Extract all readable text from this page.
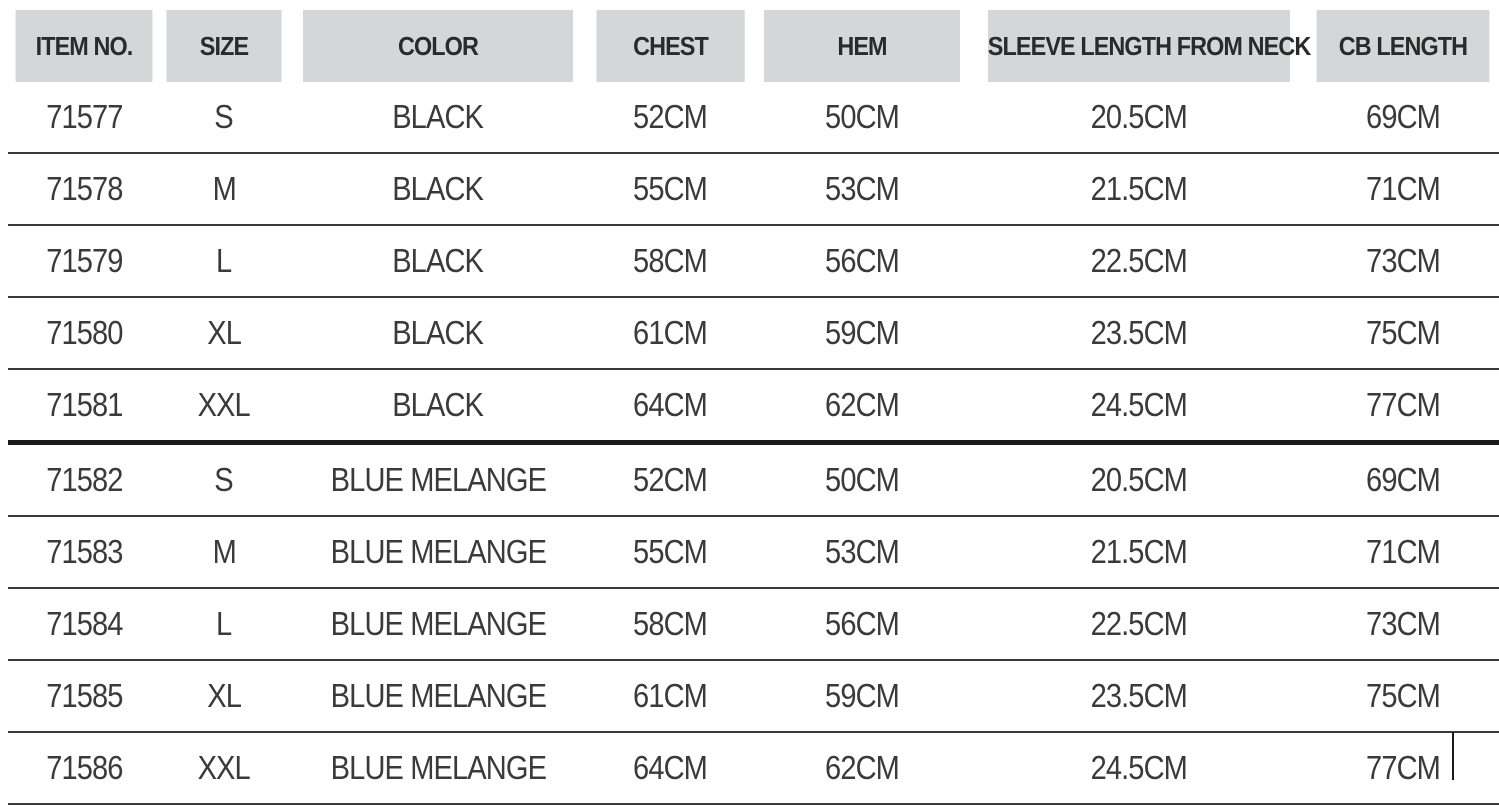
ITEM NO.	SIZE	COLOR	CHEST	HEM	SLEEVE LENGTH FROM NECK	CB LENGTH
71577	S	BLACK	52CM	50CM	20.5CM	69CM
71578	M	BLACK	55CM	53CM	21.5CM	71CM
71579	L	BLACK	58CM	56CM	22.5CM	73CM
71580	XL	BLACK	61CM	59CM	23.5CM	75CM
71581	XXL	BLACK	64CM	62CM	24.5CM	77CM
71582	S	BLUE MELANGE	52CM	50CM	20.5CM	69CM
71583	M	BLUE MELANGE	55CM	53CM	21.5CM	71CM
71584	L	BLUE MELANGE	58CM	56CM	22.5CM	73CM
71585	XL	BLUE MELANGE	61CM	59CM	23.5CM	75CM
71586	XXL	BLUE MELANGE	64CM	62CM	24.5CM	77CM
